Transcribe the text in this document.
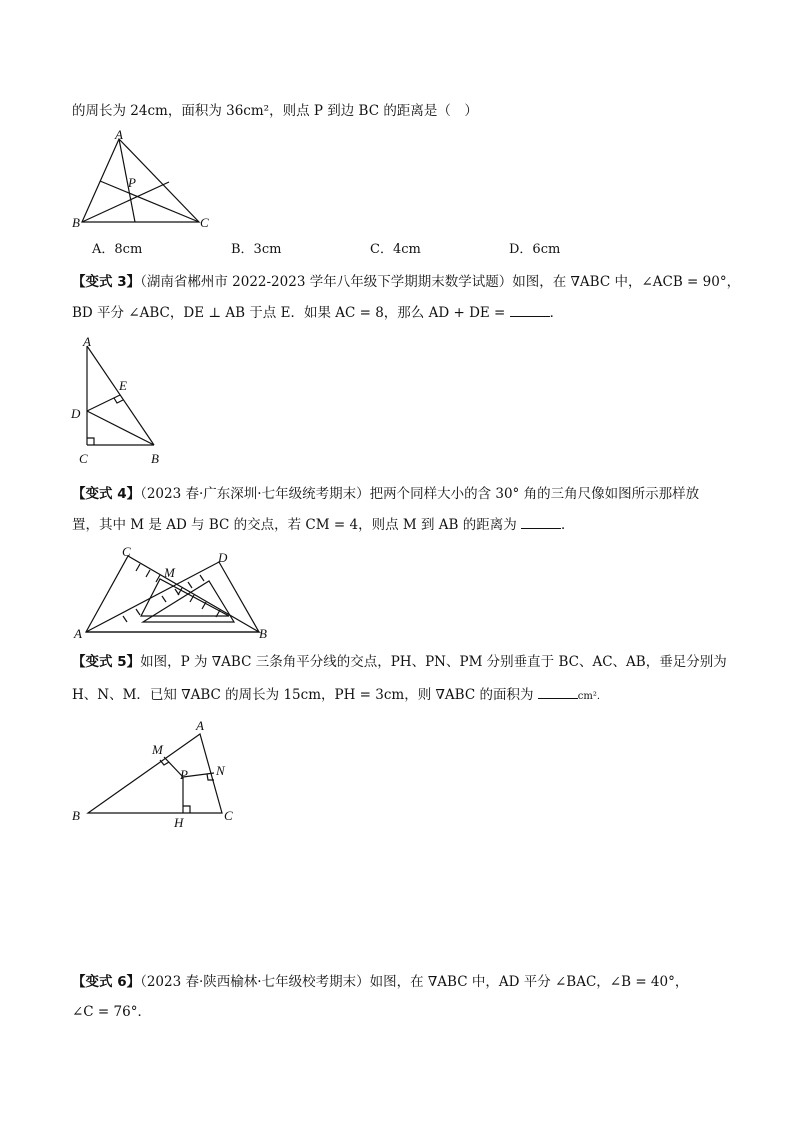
的周长为 24cm，面积为 36cm²，则点 P 到边 BC 的距离是（　）
A
P
B	C
A．8cm	B．3cm	C．4cm	D．6cm
【变式 3】（湖南省郴州市 2022-2023 学年八年级下学期期末数学试题）如图，在 ∇ABC 中，∠ACB = 90°，
BD 平分 ∠ABC，DE ⊥ AB 于点 E．如果 AC = 8，那么 AD + DE =	．
A
E
D
C	B
【变式 4】（2023 春·广东深圳·七年级统考期末）把两个同样大小的含 30° 角的三角尺像如图所示那样放
置，其中 M 是 AD 与 BC 的交点，若 CM = 4，则点 M 到 AB 的距离为	．
C
M
D
A	B
【变式 5】如图，P 为 ∇ABC 三条角平分线的交点，PH、PN、PM 分别垂直于 BC、AC、AB，垂足分别为
H、N、M．已知 ∇ABC 的周长为 15cm，PH = 3cm，则 ∇ABC 的面积为	cm²．
A
M
N
P
B	H	C
【变式 6】（2023 春·陕西榆林·七年级校考期末）如图，在 ∇ABC 中，AD 平分 ∠BAC，∠B = 40°，
∠C = 76°．
